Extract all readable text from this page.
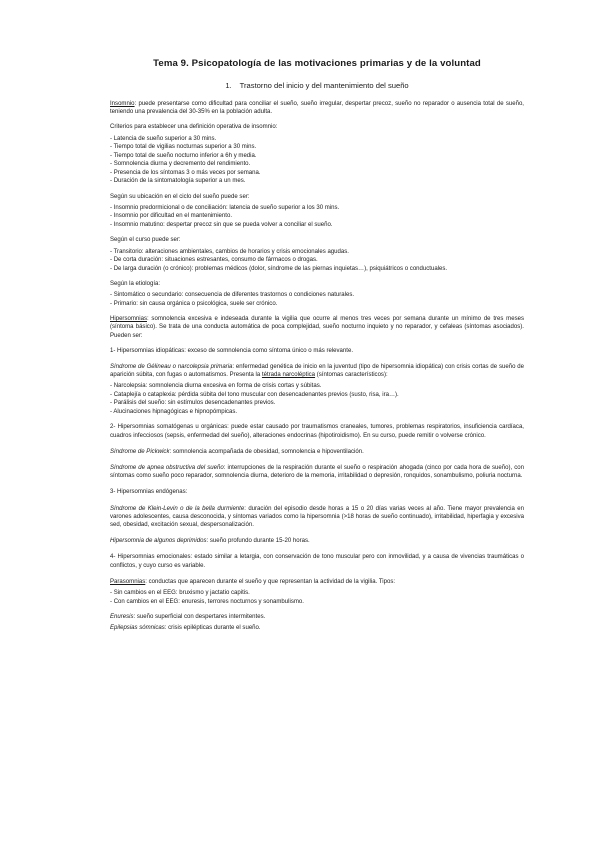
Tema 9. Psicopatología de las motivaciones primarias y de la voluntad
1. Trastorno del inicio y del mantenimiento del sueño

Insomnio: puede presentarse como dificultad para conciliar el sueño, sueño irregular, despertar precoz, sueño no reparador o ausencia total de sueño, teniendo una prevalencia del 30-35% en la población adulta.

Criterios para establecer una definición operativa de insomnio:

- Latencia de sueño superior a 30 mins.
- Tiempo total de vigilias nocturnas superior a 30 mins.
- Tiempo total de sueño nocturno inferior a 6h y media.
- Somnolencia diurna y decremento del rendimiento.
- Presencia de los síntomas 3 o más veces por semana.
- Duración de la sintomatología superior a un mes.

Según su ubicación en el ciclo del sueño puede ser:

- Insomnio predormicional o de conciliación: latencia de sueño superior a los 30 mins.
- Insomnio por dificultad en el mantenimiento.
- Insomnio matutino: despertar precoz sin que se pueda volver a conciliar el sueño.

Según el curso puede ser:

- Transitorio: alteraciones ambientales, cambios de horarios y crisis emocionales agudas.
- De corta duración: situaciones estresantes, consumo de fármacos o drogas.
- De larga duración (o crónico): problemas médicos (dolor, síndrome de las piernas inquietas…), psiquiátricos o conductuales.

Según la etiología:

- Sintomático o secundario: consecuencia de diferentes trastornos o condiciones naturales.
- Primario: sin causa orgánica o psicológica, suele ser crónico.

Hipersomnias: somnolencia excesiva e indeseada durante la vigilia que ocurre al menos tres veces por semana durante un mínimo de tres meses (síntoma básico). Se trata de una conducta automática de poca complejidad, sueño nocturno inquieto y no reparador, y cefaleas (síntomas asociados). Pueden ser:

1- Hipersomnias idiopáticas: exceso de somnolencia como síntoma único o más relevante.

Síndrome de Gélineau o narcolepsia primaria: enfermedad genética de inicio en la juventud (tipo de hipersomnia idiopática) con crisis cortas de sueño de aparición súbita, con fugas o automatismos. Presenta la tétrada narcoléptica (síntomas característicos):

- Narcolepsia: somnolencia diurna excesiva en forma de crisis cortas y súbitas.
- Cataplejía o cataplexia: pérdida súbita del tono muscular con desencadenantes previos (susto, risa, ira…).
- Parálisis del sueño: sin estímulos desencadenantes previos.
- Alucinaciones hipnagógicas e hipnopómpicas.

2- Hipersomnias somatógenas u orgánicas: puede estar causado por traumatismos craneales, tumores, problemas respiratorios, insuficiencia cardíaca, cuadros infecciosos (sepsis, enfermedad del sueño), alteraciones endocrinas (hipotiroidismo). En su curso, puede remitir o volverse crónico.

Síndrome de Pickwick: somnolencia acompañada de obesidad, somnolencia e hipoventilación.

Síndrome de apnea obstructiva del sueño: interrupciones de la respiración durante el sueño o respiración ahogada (cinco por cada hora de sueño), con síntomas como sueño poco reparador, somnolencia diurna, deterioro de la memoria, irritabilidad o depresión, ronquidos, sonambulismo, poliuria nocturna.

3- Hipersomnias endógenas:

Síndrome de Klein-Levin o de la bella durmiente: duración del episodio desde horas a 15 o 20 días varias veces al año. Tiene mayor prevalencia en varones adolescentes, causa desconocida, y síntomas variados como la hipersomnia (>18 horas de sueño continuado), irritabilidad, hiperfagia y excesiva sed, obesidad, excitación sexual, despersonalización.

Hipersomnia de algunos deprimidos: sueño profundo durante 15-20 horas.

4- Hipersomnias emocionales: estado similar a letargia, con conservación de tono muscular pero con inmovilidad, y a causa de vivencias traumáticas o conflictos, y cuyo curso es variable.

Parasomnias: conductas que aparecen durante el sueño y que representan la actividad de la vigilia. Tipos:

- Sin cambios en el EEG: bruxismo y jactatio capitis.
- Con cambios en el EEG: enuresis, terrores nocturnos y sonambulismo.

Enuresis: sueño superficial con despertares intermitentes.

Epilepsias sómnicas: crisis epilépticas durante el sueño.
